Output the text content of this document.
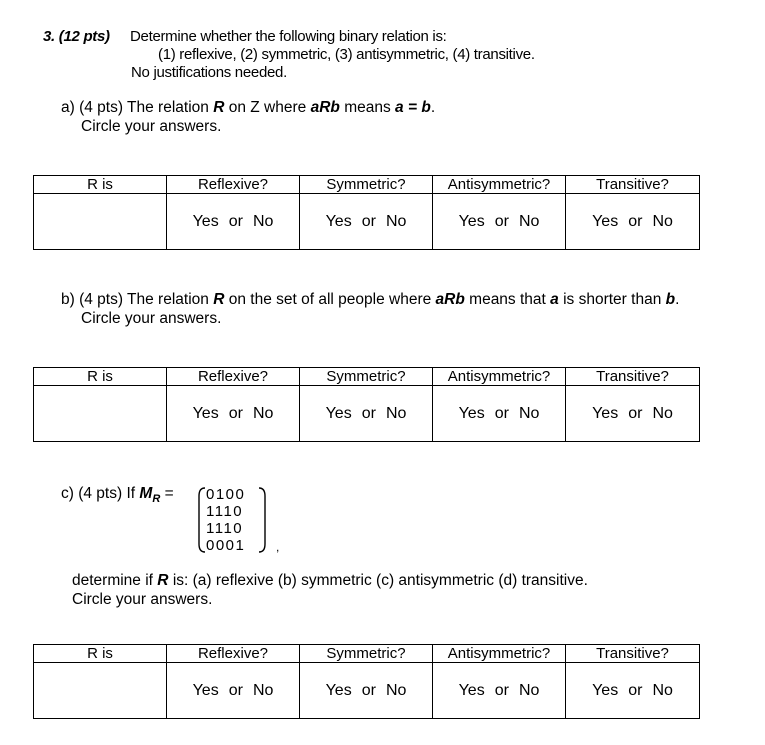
3. (12 pts) Determine whether the following binary relation is:
(1) reflexive, (2) symmetric, (3) antisymmetric, (4) transitive.
No justifications needed.
a) (4 pts) The relation R on Z where aRb means a = b.
Circle your answers.
R is	Reflexive?	Symmetric?	Antisymmetric?	Transitive?
	Yes or No	Yes or No	Yes or No	Yes or No
b) (4 pts) The relation R on the set of all people where aRb means that a is shorter than b.
Circle your answers.
R is	Reflexive?	Symmetric?	Antisymmetric?	Transitive?
	Yes or No	Yes or No	Yes or No	Yes or No
c) (4 pts) If $M_R = 0100$
1110
1110
0001	,
determine if R is: (a) reflexive (b) symmetric (c) antisymmetric (d) transitive.
Circle your answers.
R is	Reflexive?	Symmetric?	Antisymmetric?	Transitive?
	Yes or No	Yes or No	Yes or No	Yes or No
